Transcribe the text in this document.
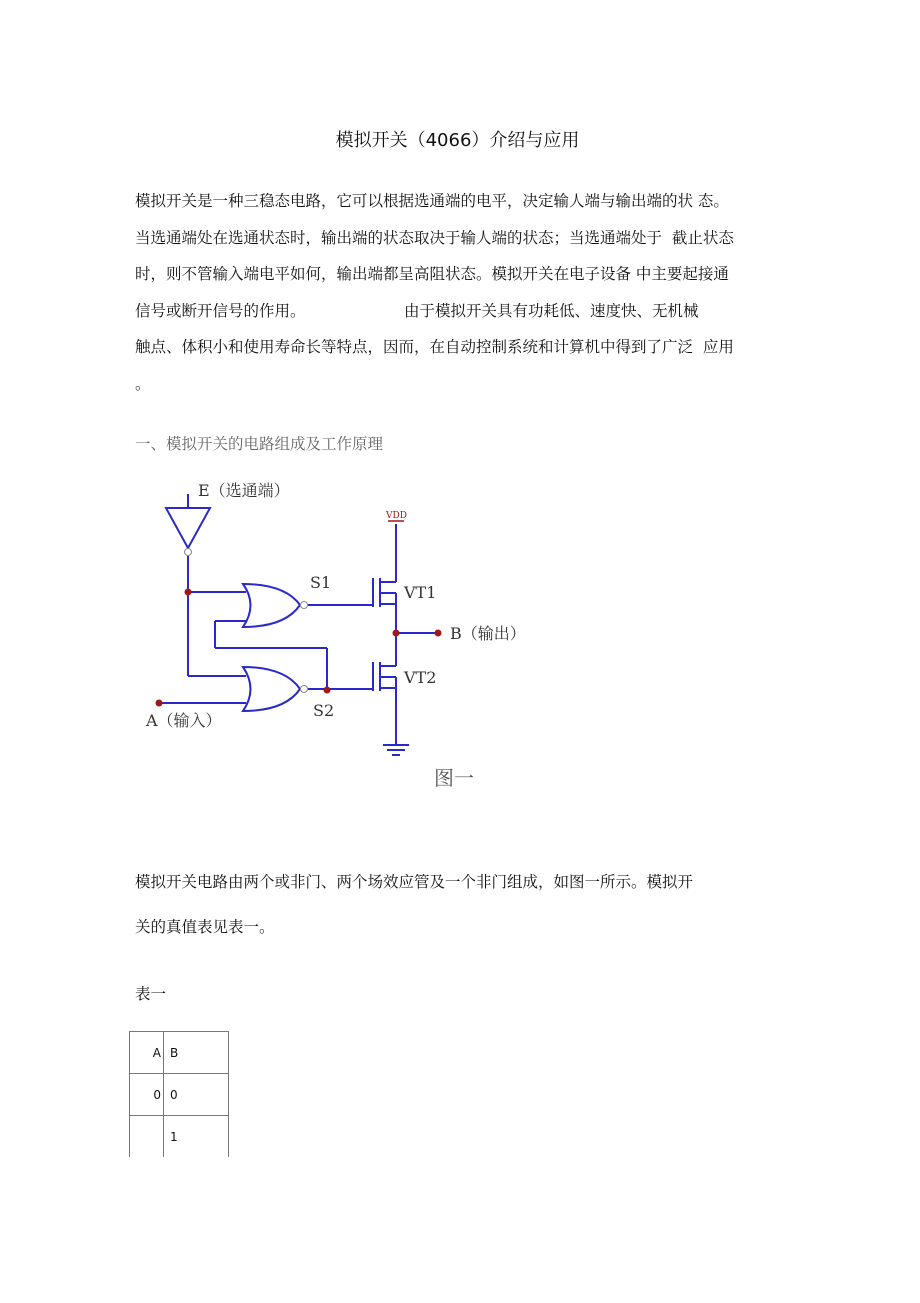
模拟开关（4066）介绍与应用
模拟开关是一种三稳态电路，它可以根据选通端的电平，决定输人端与输出端的状 态。
当选通端处在选通状态时，输出端的状态取决于输人端的状态；当选通端处于  截止状态
时，则不管输入端电平如何，输出端都呈高阻状态。模拟开关在电子设备 中主要起接通
信号或断开信号的作用。                    由于模拟开关具有功耗低、速度快、无机械
触点、体积小和使用寿命长等特点，因而，在自动控制系统和计算机中得到了广泛  应用
。
一、模拟开关的电路组成及工作原理
E（选通端）
VDD
S1
VT1
B（输出）
VT2
S2
A（输入）
图一
模拟开关电路由两个或非门、两个场效应管及一个非门组成，如图一所示。模拟开
关的真值表见表一。
表一
A	B
0	0
	1
